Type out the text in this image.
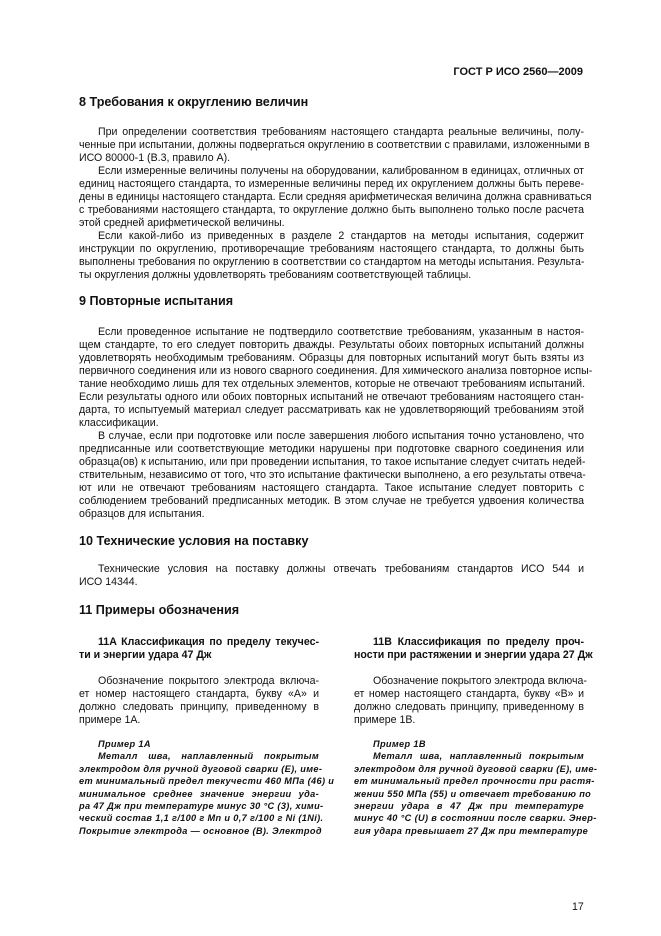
ГОСТ Р ИСО 2560—2009
8 Требования к округлению величин
При определении соответствия требованиям настоящего стандарта реальные величины, полу-
ченные при испытании, должны подвергаться округлению в соответствии с правилами, изложенными в
ИСО 80000-1 (B.3, правило A).
Если измеренные величины получены на оборудовании, калиброванном в единицах, отличных от
единиц настоящего стандарта, то измеренные величины перед их округлением должны быть переве-
дены в единицы настоящего стандарта. Если средняя арифметическая величина должна сравниваться
с требованиями настоящего стандарта, то округление должно быть выполнено только после расчета
этой средней арифметической величины.
Если какой-либо из приведенных в разделе 2 стандартов на методы испытания, содержит
инструкции по округлению, противоречащие требованиям настоящего стандарта, то должны быть
выполнены требования по округлению в соответствии со стандартом на методы испытания. Результа-
ты округления должны удовлетворять требованиям соответствующей таблицы.
9 Повторные испытания
Если проведенное испытание не подтвердило соответствие требованиям, указанным в настоя-
щем стандарте, то его следует повторить дважды. Результаты обоих повторных испытаний должны
удовлетворять необходимым требованиям. Образцы для повторных испытаний могут быть взяты из
первичного соединения или из нового сварного соединения. Для химического анализа повторное испы-
тание необходимо лишь для тех отдельных элементов, которые не отвечают требованиям испытаний.
Если результаты одного или обоих повторных испытаний не отвечают требованиям настоящего стан-
дарта, то испытуемый материал следует рассматривать как не удовлетворяющий требованиям этой
классификации.
В случае, если при подготовке или после завершения любого испытания точно установлено, что
предписанные или соответствующие методики нарушены при подготовке сварного соединения или
образца(ов) к испытанию, или при проведении испытания, то такое испытание следует считать недей-
ствительным, независимо от того, что это испытание фактически выполнено, а его результаты отвеча-
ют или не отвечают требованиям настоящего стандарта. Такое испытание следует повторить с
соблюдением требований предписанных методик. В этом случае не требуется удвоения количества
образцов для испытания.
10 Технические условия на поставку
Технические условия на поставку должны отвечать требованиям стандартов ИСО 544 и
ИСО 14344.
11 Примеры обозначения
11A Классификация по пределу текучес-
ти и энергии удара 47 Дж
Обозначение покрытого электрода включа-
ет номер настоящего стандарта, букву «A» и
должно следовать принципу, приведенному в
примере 1A.
Пример 1A
Металл шва, наплавленный покрытым
электродом для ручной дуговой сварки (E), име-
ет минимальный предел текучести 460 МПа (46) и
минимальное среднее значение энергии уда-
ра 47 Дж при температуре минус 30 °С (3), хими-
ческий состав 1,1 г/100 г Mn и 0,7 г/100 г Ni (1Ni).
Покрытие электрода — основное (B). Электрод
11B Классификация по пределу проч-
ности при растяжении и энергии удара 27 Дж
Обозначение покрытого электрода включа-
ет номер настоящего стандарта, букву «B» и
должно следовать принципу, приведенному в
примере 1B.
Пример 1B
Металл шва, наплавленный покрытым
электродом для ручной дуговой сварки (E), име-
ет минимальный предел прочности при растя-
жении 550 МПа (55) и отвечает требованию по
энергии удара в 47 Дж при температуре
минус 40 °С (U) в состоянии после сварки. Энер-
гия удара превышает 27 Дж при температуре
17
